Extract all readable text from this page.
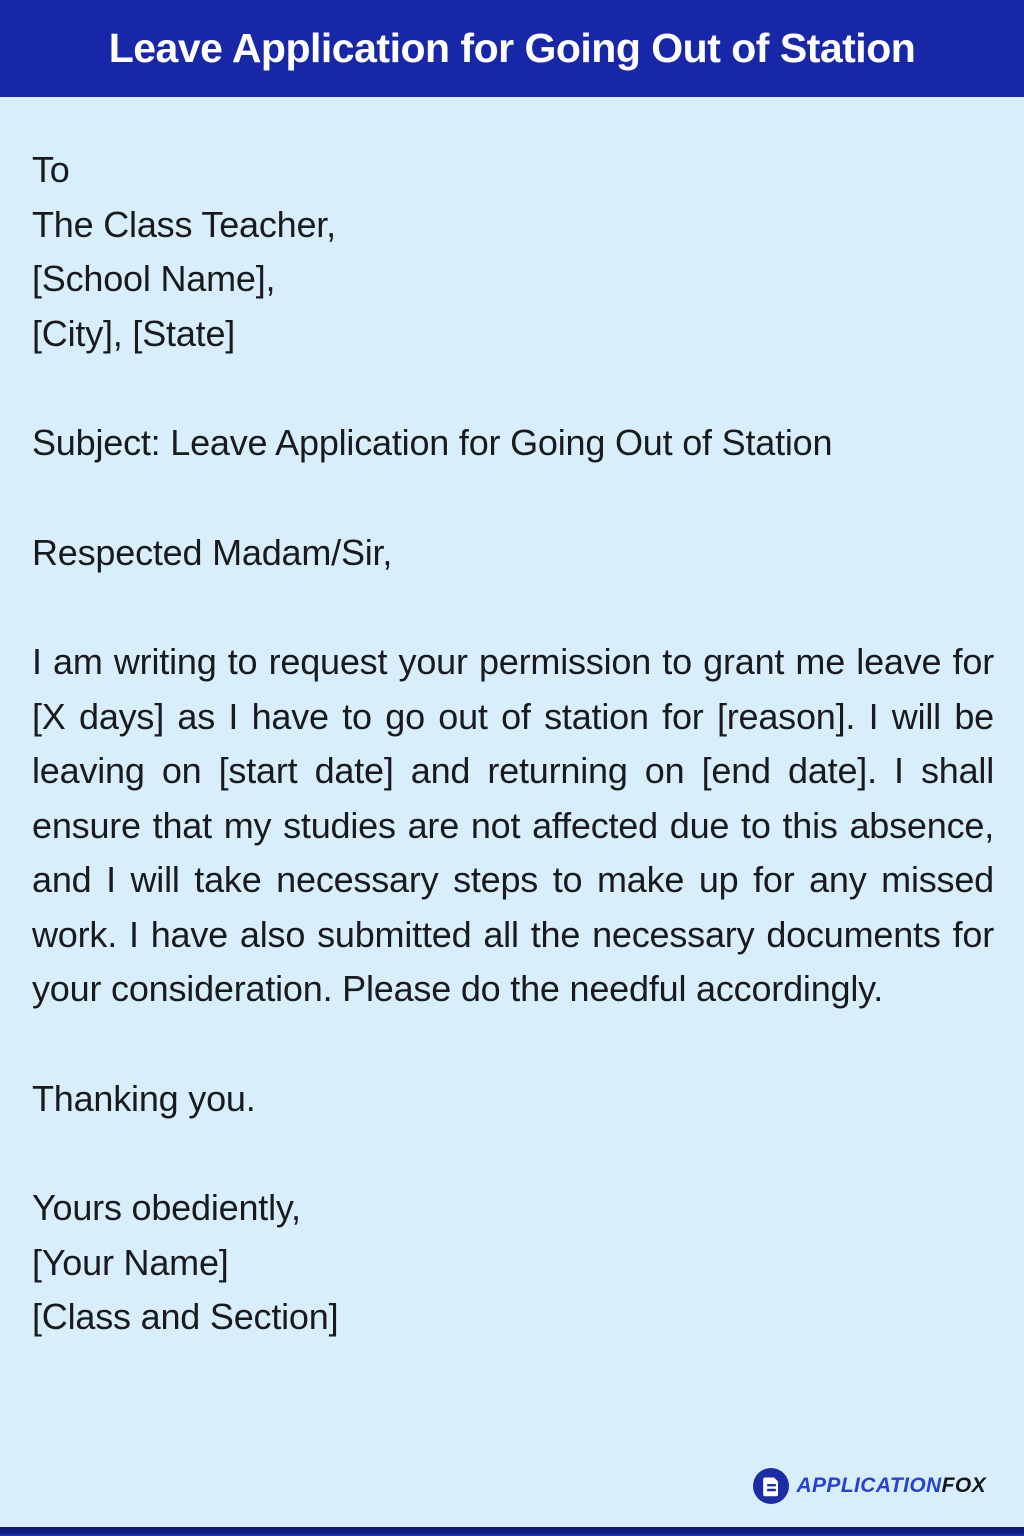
Leave Application for Going Out of Station
To
The Class Teacher,
[School Name],
[City], [State]

Subject: Leave Application for Going Out of Station

Respected Madam/Sir,

I am writing to request your permission to grant me leave for [X days] as I have to go out of station for [reason]. I will be leaving on [start date] and returning on [end date]. I shall ensure that my studies are not affected due to this absence, and I will take necessary steps to make up for any missed work. I have also submitted all the necessary documents for your consideration. Please do the needful accordingly.

Thanking you.

Yours obediently,
[Your Name]
[Class and Section]
APPLICATIONFOX
